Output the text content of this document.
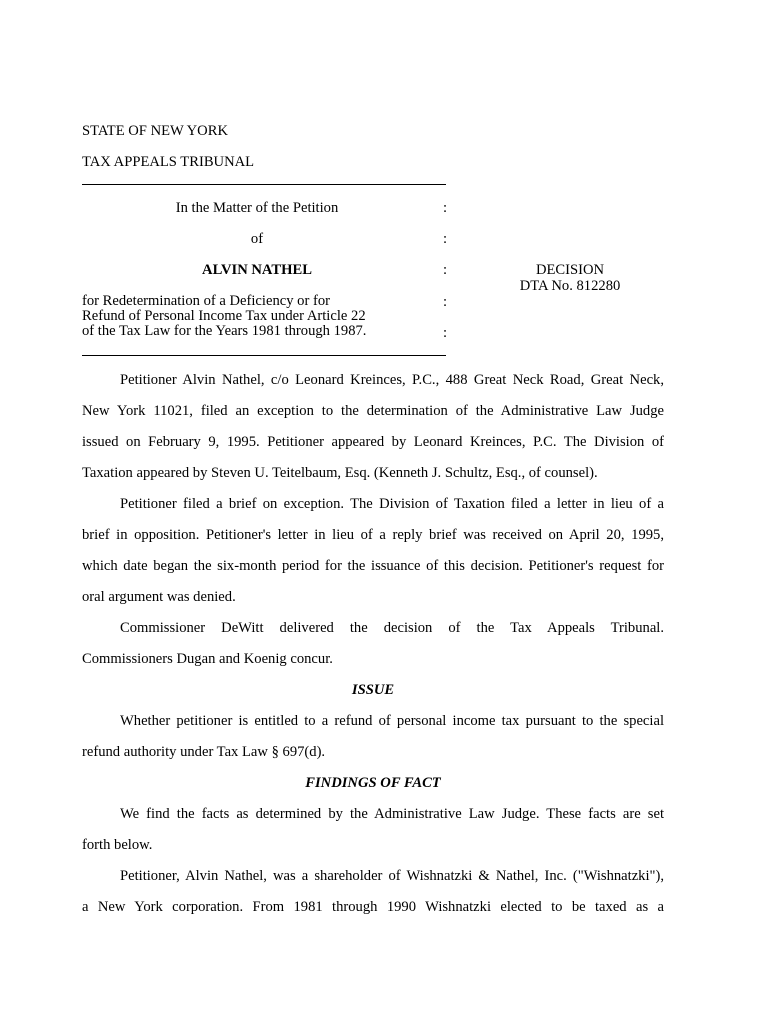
STATE OF NEW YORK
TAX APPEALS TRIBUNAL
In the Matter of the Petition
of
ALVIN NATHEL
for Redetermination of a Deficiency or for
Refund of Personal Income Tax under Article 22
of the Tax Law for the Years 1981 through 1987.
:
:
:
:
:
DECISION
DTA No. 812280
Petitioner Alvin Nathel, c/o Leonard Kreinces, P.C., 488 Great Neck Road, Great Neck,
New York 11021, filed an exception to the determination of the Administrative Law Judge
issued on February 9, 1995. Petitioner appeared by Leonard Kreinces, P.C. The Division of
Taxation appeared by Steven U. Teitelbaum, Esq. (Kenneth J. Schultz, Esq., of counsel).
Petitioner filed a brief on exception. The Division of Taxation filed a letter in lieu of a
brief in opposition. Petitioner's letter in lieu of a reply brief was received on April 20, 1995,
which date began the six-month period for the issuance of this decision. Petitioner's request for
oral argument was denied.
Commissioner DeWitt delivered the decision of the Tax Appeals Tribunal.
Commissioners Dugan and Koenig concur.
ISSUE
Whether petitioner is entitled to a refund of personal income tax pursuant to the special
refund authority under Tax Law § 697(d).
FINDINGS OF FACT
We find the facts as determined by the Administrative Law Judge. These facts are set
forth below.
Petitioner, Alvin Nathel, was a shareholder of Wishnatzki & Nathel, Inc. ("Wishnatzki"),
a New York corporation. From 1981 through 1990 Wishnatzki elected to be taxed as a
